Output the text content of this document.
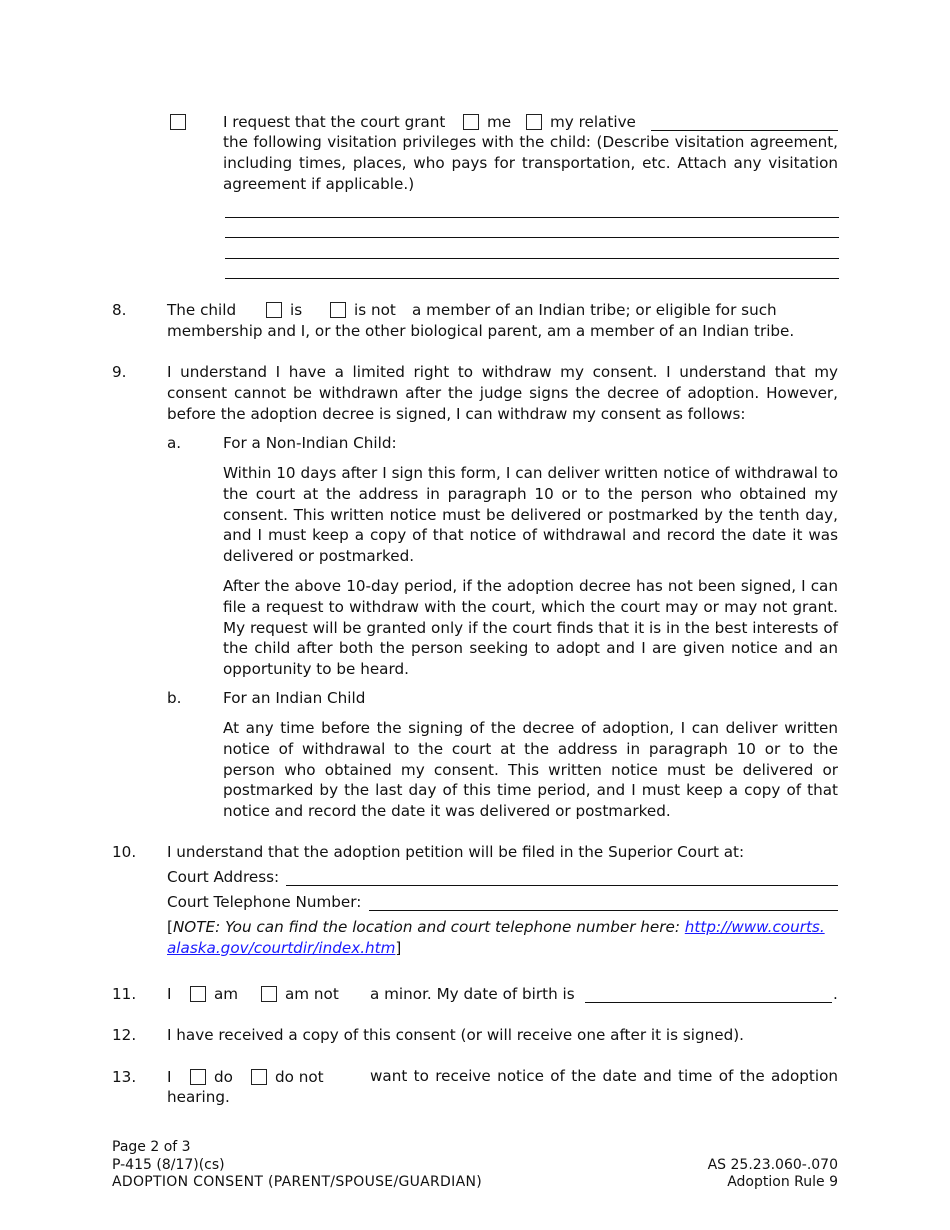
I request that the court grant	me	my relative
the following visitation privileges with the child: (Describe visitation agreement,
including times, places, who pays for transportation, etc. Attach any visitation
agreement if applicable.)
8.	The child	is	is not a member of an Indian tribe; or eligible for such
membership and I, or the other biological parent, am a member of an Indian tribe.
9.	I understand I have a limited right to withdraw my consent. I understand that my consent cannot be withdrawn after the judge signs the decree of adoption. However, before the adoption decree is signed, I can withdraw my consent as follows:
a.	For a Non-Indian Child:
Within 10 days after I sign this form, I can deliver written notice of withdrawal to the court at the address in paragraph 10 or to the person who obtained my consent. This written notice must be delivered or postmarked by the tenth day, and I must keep a copy of that notice of withdrawal and record the date it was delivered or postmarked.
After the above 10-day period, if the adoption decree has not been signed, I can file a request to withdraw with the court, which the court may or may not grant. My request will be granted only if the court finds that it is in the best interests of the child after both the person seeking to adopt and I are given notice and an opportunity to be heard.
b.	For an Indian Child
At any time before the signing of the decree of adoption, I can deliver written notice of withdrawal to the court at the address in paragraph 10 or to the person who obtained my consent. This written notice must be delivered or postmarked by the last day of this time period, and I must keep a copy of that notice and record the date it was delivered or postmarked.
10. I understand that the adoption petition will be filed in the Superior Court at:
Court Address:
Court Telephone Number:
[NOTE: You can find the location and court telephone number here: http://www.courts.
alaska.gov/courtdir/index.htm]
11. I	am	am not a minor. My date of birth is	.
12. I have received a copy of this consent (or will receive one after it is signed).
13. I	do	do not	want to receive notice of the date and time of the adoption
hearing.
Page 2 of 3
P-415 (8/17)(cs)
ADOPTION CONSENT (PARENT/SPOUSE/GUARDIAN)
AS 25.23.060-.070
Adoption Rule 9
